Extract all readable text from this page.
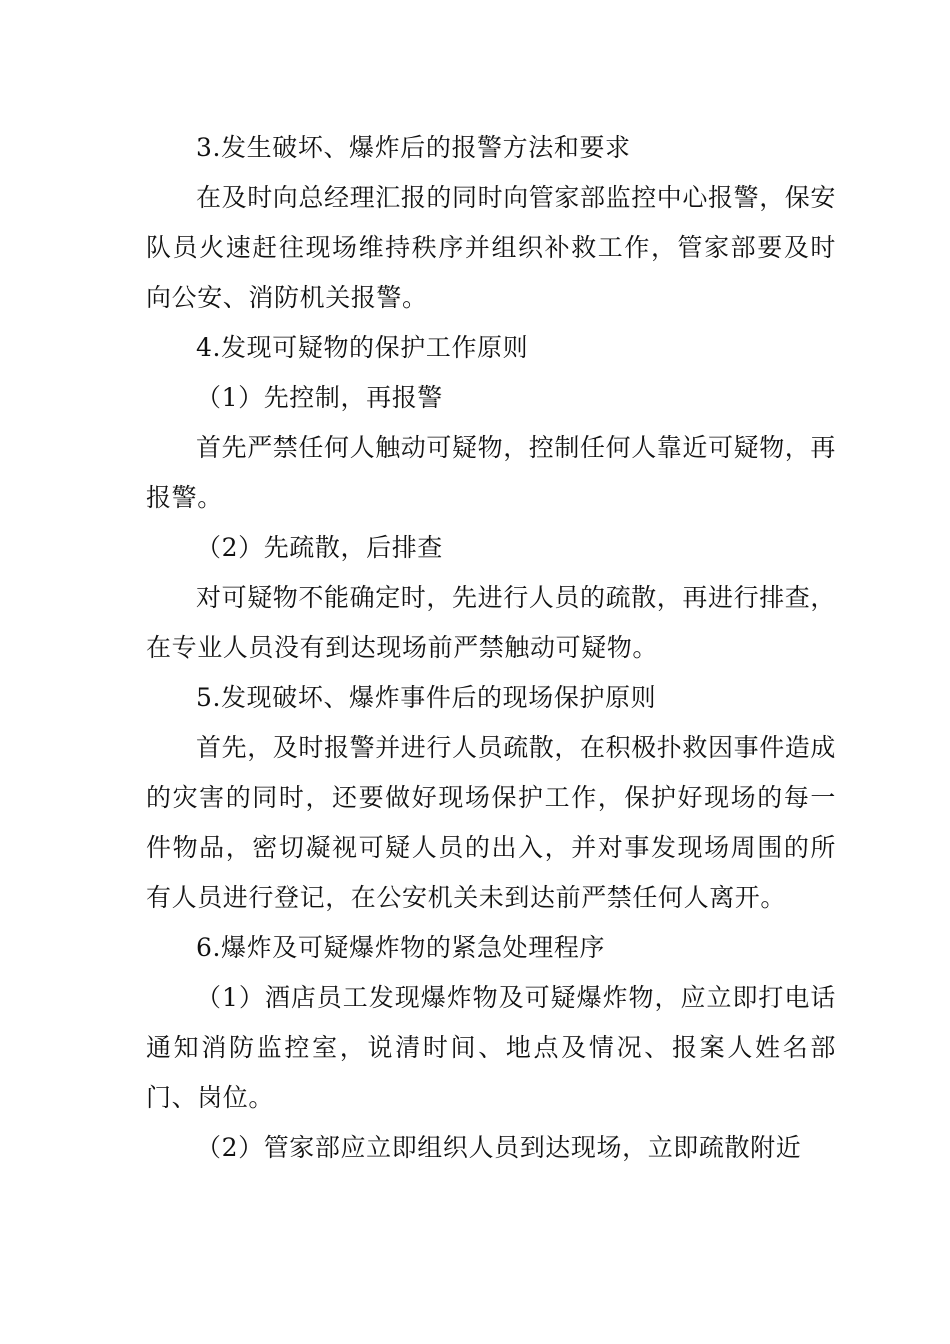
3.发生破坏、爆炸后的报警方法和要求

在及时向总经理汇报的同时向管家部监控中心报警，保安队员火速赶往现场维持秩序并组织补救工作，管家部要及时向公安、消防机关报警。

4.发现可疑物的保护工作原则

（1）先控制，再报警

首先严禁任何人触动可疑物，控制任何人靠近可疑物，再报警。

（2）先疏散，后排查

对可疑物不能确定时，先进行人员的疏散，再进行排查，在专业人员没有到达现场前严禁触动可疑物。

5.发现破坏、爆炸事件后的现场保护原则

首先，及时报警并进行人员疏散，在积极扑救因事件造成的灾害的同时，还要做好现场保护工作，保护好现场的每一件物品，密切凝视可疑人员的出入，并对事发现场周围的所有人员进行登记，在公安机关未到达前严禁任何人离开。

6.爆炸及可疑爆炸物的紧急处理程序

（1）酒店员工发现爆炸物及可疑爆炸物，应立即打电话通知消防监控室，说清时间、地点及情况、报案人姓名部门、岗位。

（2）管家部应立即组织人员到达现场，立即疏散附近
